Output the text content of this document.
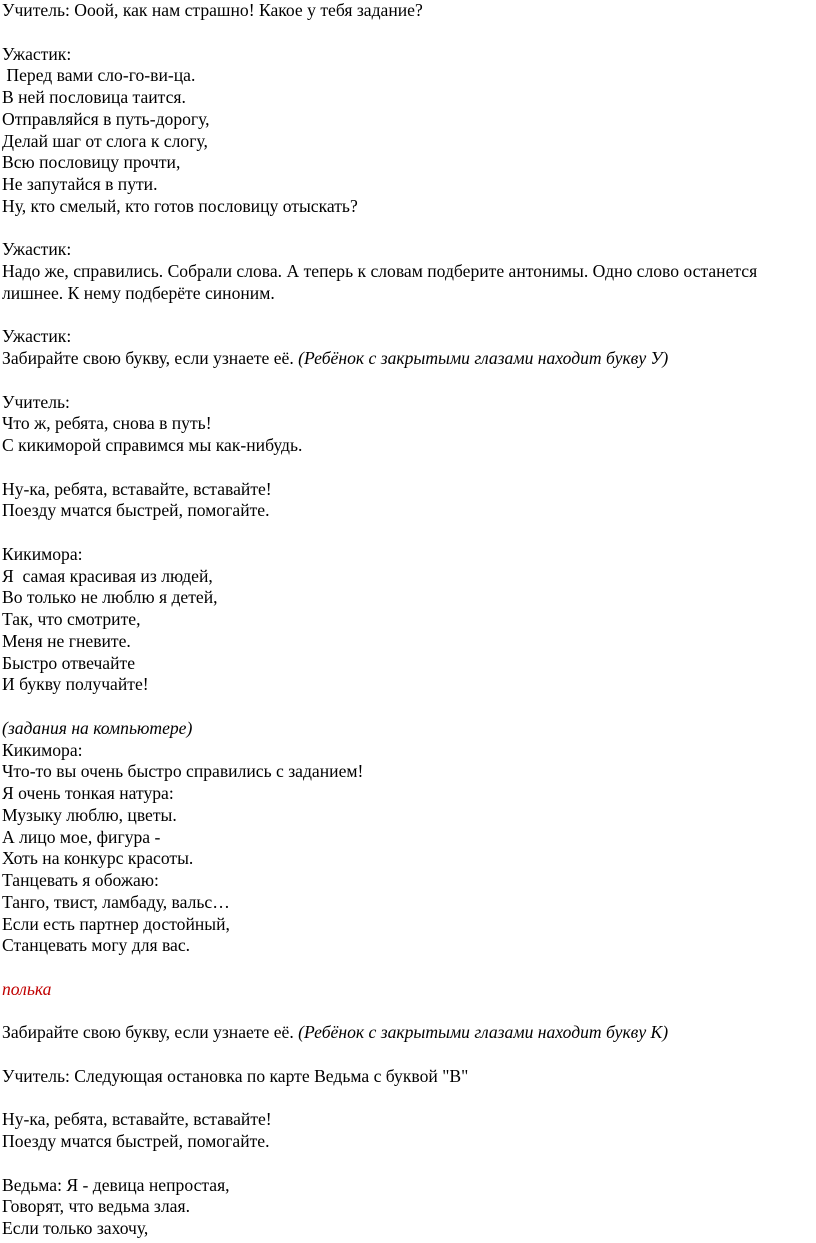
Учитель: Ооой, как нам страшно! Какое у тебя задание?
Ужастик:
Перед вами сло-го-ви-ца.
В ней пословица таится.
Отправляйся в путь-дорогу,
Делай шаг от слога к слогу,
Всю пословицу прочти,
Не запутайся в пути.
Ну, кто смелый, кто готов пословицу отыскать?
Ужастик:
Надо же, справились. Собрали слова. А теперь к словам подберите антонимы. Одно слово останется
лишнее. К нему подберёте синоним.
Ужастик:
Забирайте свою букву, если узнаете её. (Ребёнок с закрытыми глазами находит букву У)
Учитель:
Что ж, ребята, снова в путь!
С кикиморой справимся мы как-нибудь.
Ну-ка, ребята, вставайте, вставайте!
Поезду мчатся быстрей, помогайте.
Кикимора:
Я  самая красивая из людей,
Во только не люблю я детей,
Так, что смотрите,
Меня не гневите.
Быстро отвечайте
И букву получайте!
(задания на компьютере)
Кикимора:
Что-то вы очень быстро справились с заданием!
Я очень тонкая натура:
Музыку люблю, цветы.
А лицо мое, фигура -
Хоть на конкурс красоты.
Танцевать я обожаю:
Танго, твист, ламбаду, вальс…
Если есть партнер достойный,
Станцевать могу для вас.
полька
Забирайте свою букву, если узнаете её. (Ребёнок с закрытыми глазами находит букву К)
Учитель: Следующая остановка по карте Ведьма с буквой "В"
Ну-ка, ребята, вставайте, вставайте!
Поезду мчатся быстрей, помогайте.
Ведьма: Я - девица непростая,
Говорят, что ведьма злая.
Если только захочу,
